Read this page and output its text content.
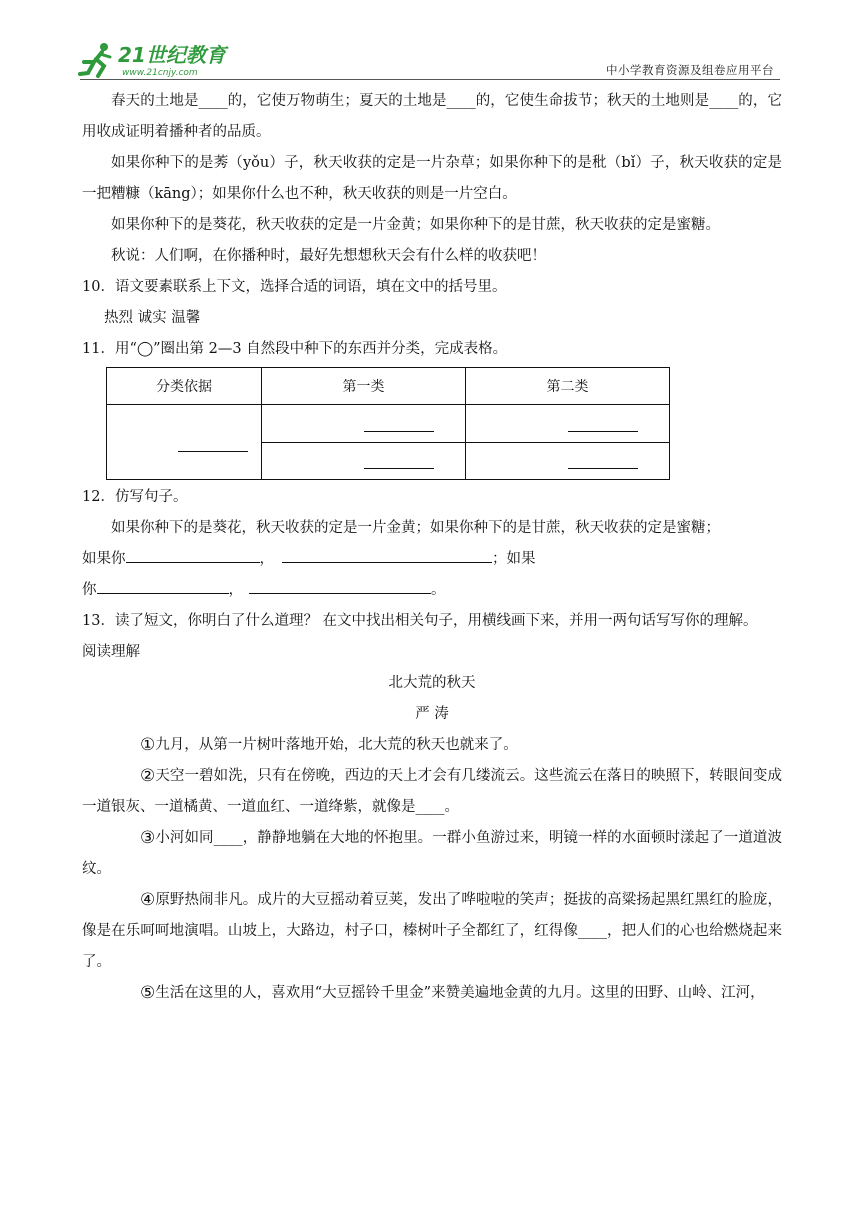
21世纪教育
www.21cnjy.com	中小学教育资源及组卷应用平台

春天的土地是____的，它使万物萌生；夏天的土地是____的，它使生命拔节；秋天的土地则是____的，它用收成证明着播种者的品质。

如果你种下的是莠（yǒu）子，秋天收获的定是一片杂草；如果你种下的是秕（bǐ）子，秋天收获的定是一把糟糠（kāng）；如果你什么也不种，秋天收获的则是一片空白。

如果你种下的是葵花，秋天收获的定是一片金黄；如果你种下的是甘蔗，秋天收获的定是蜜糖。

秋说：人们啊，在你播种时，最好先想想秋天会有什么样的收获吧！

10．语文要素联系上下文，选择合适的词语，填在文中的括号里。

热烈 诚实 温馨

11．用“◯”圈出第 2—3 自然段中种下的东西并分类，完成表格。

分类依据	第一类	第二类

12．仿写句子。

如果你种下的是葵花，秋天收获的定是一片金黄；如果你种下的是甘蔗，秋天收获的定是蜜糖；

如果你	，	；如果

你	，	。

13．读了短文，你明白了什么道理？ 在文中找出相关句子，用横线画下来，并用一两句话写写你的理解。

阅读理解

北大荒的秋天

严 涛

①九月，从第一片树叶落地开始，北大荒的秋天也就来了。

②天空一碧如洗，只有在傍晚，西边的天上才会有几缕流云。这些流云在落日的映照下，转眼间变成一道银灰、一道橘黄、一道血红、一道绛紫，就像是____。

③小河如同____，静静地躺在大地的怀抱里。一群小鱼游过来，明镜一样的水面顿时漾起了一道道波纹。

④原野热闹非凡。成片的大豆摇动着豆荚，发出了哗啦啦的笑声；挺拔的高粱扬起黑红黑红的脸庞，像是在乐呵呵地演唱。山坡上，大路边，村子口，榛树叶子全都红了，红得像____，把人们的心也给燃烧起来了。

⑤生活在这里的人，喜欢用“大豆摇铃千里金”来赞美遍地金黄的九月。这里的田野、山岭、江河，
